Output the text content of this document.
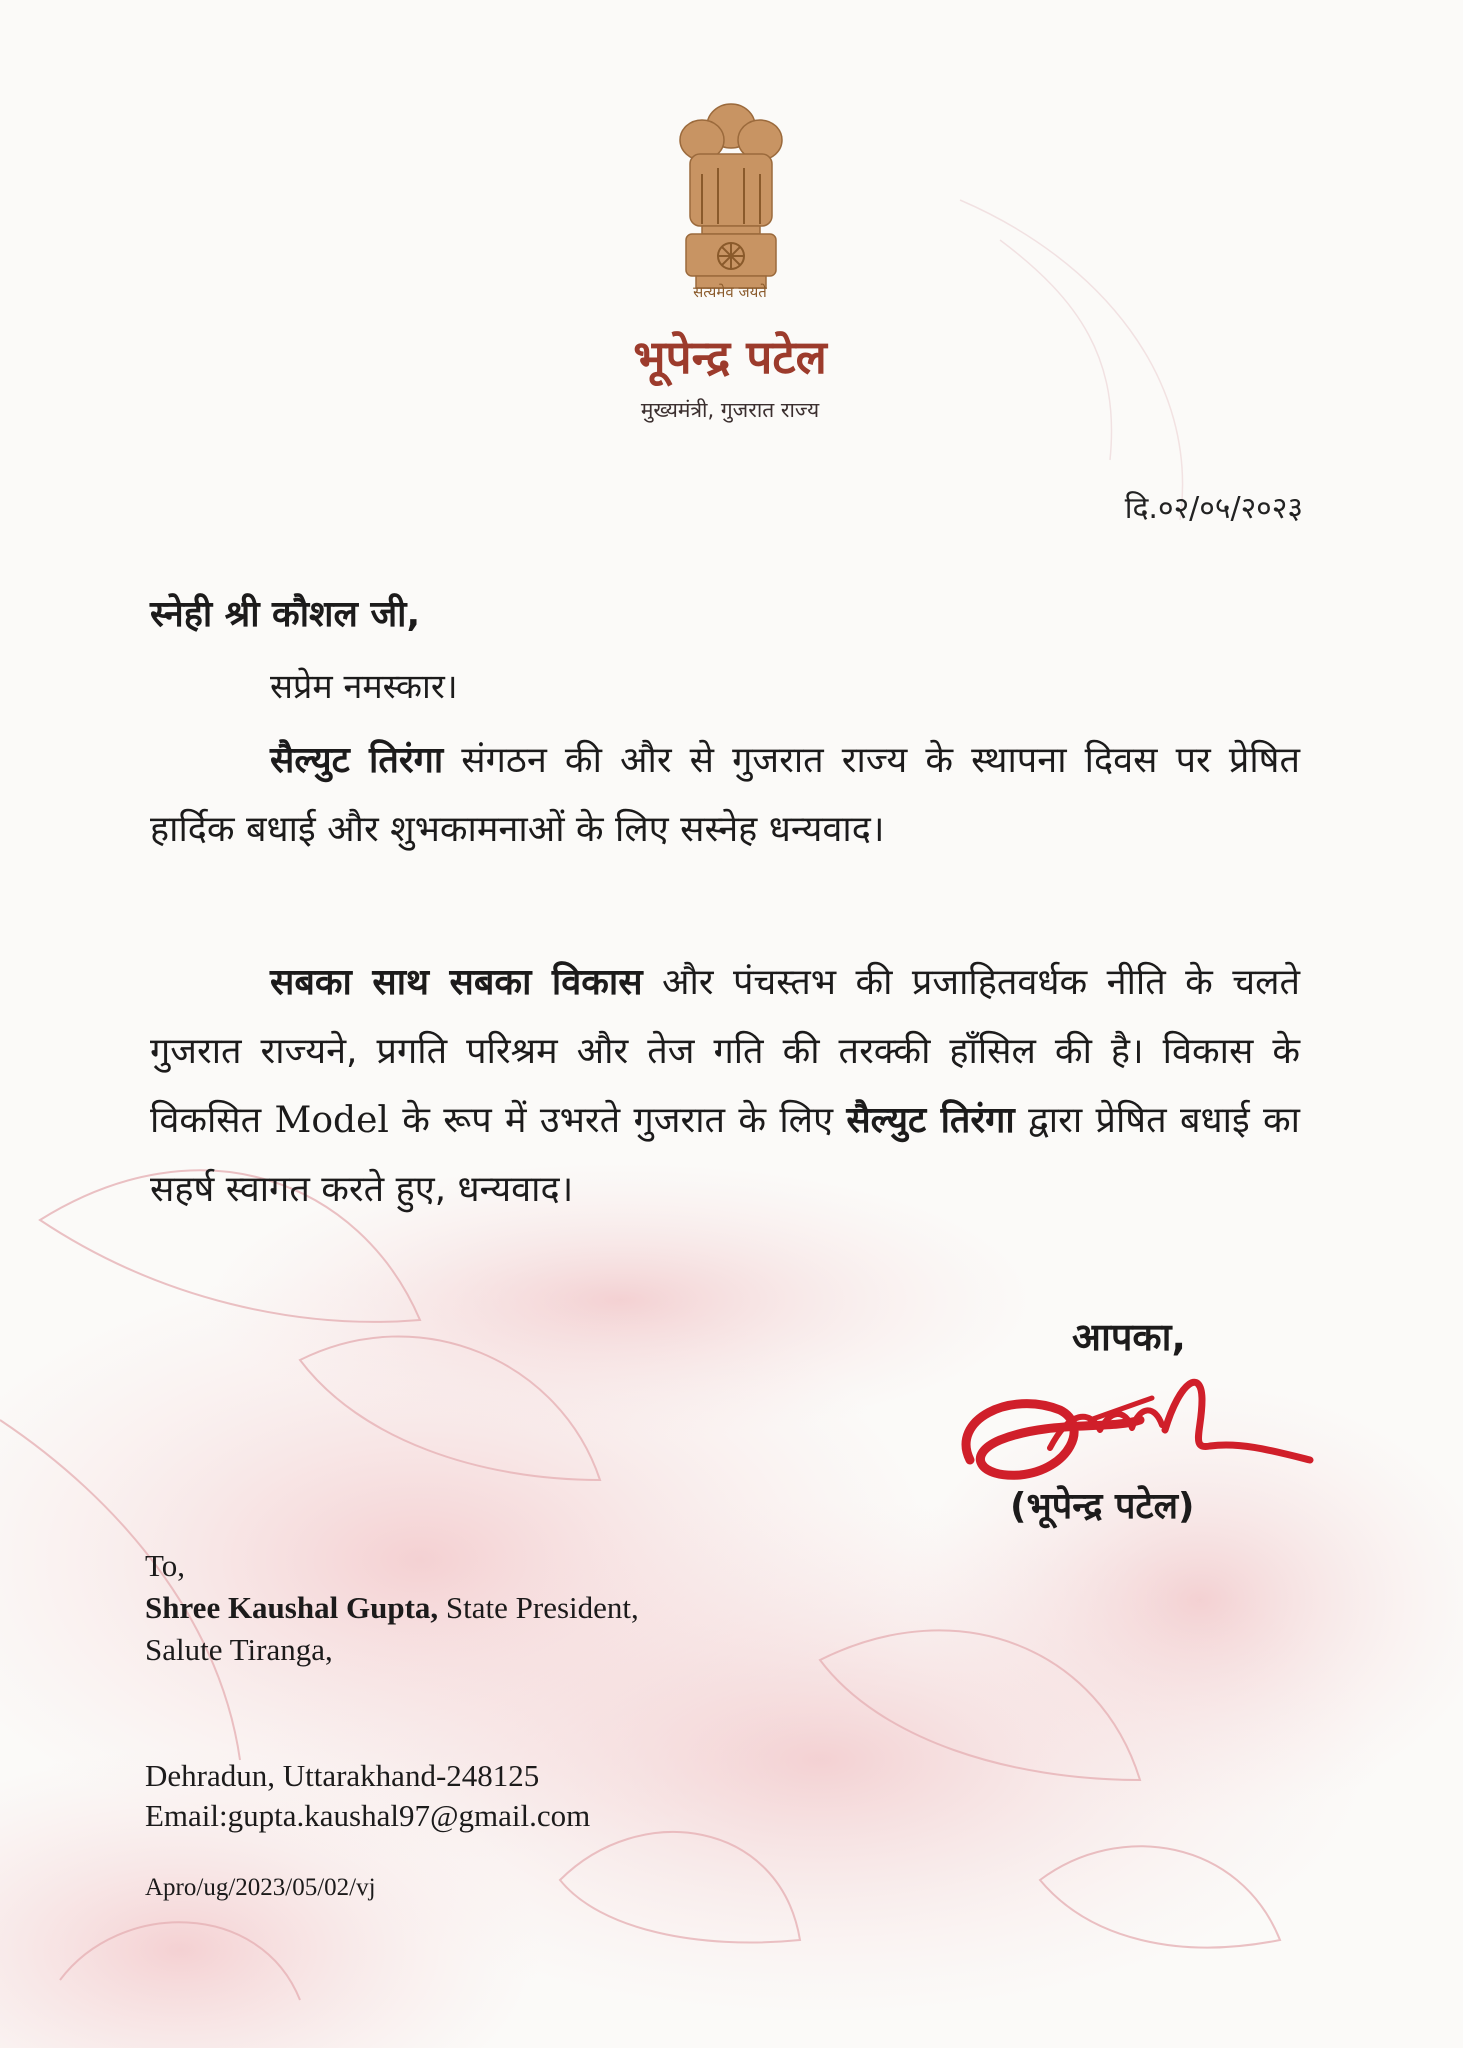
सत्यमेव जयते
भूपेन्द्र पटेल
मुख्यमंत्री, गुजरात राज्य
दि.०२/०५/२०२३
स्नेही श्री कौशल जी,
सप्रेम नमस्कार।
सैल्युट तिरंगा संगठन की और से गुजरात राज्य के स्थापना दिवस पर प्रेषित हार्दिक बधाई और शुभकामनाओं के लिए सस्नेह धन्यवाद।
सबका साथ सबका विकास और पंचस्तभ की प्रजाहितवर्धक नीति के चलते गुजरात राज्यने, प्रगति परिश्रम और तेज गति की तरक्की हाँसिल की है। विकास के विकसित Model के रूप में उभरते गुजरात के लिए सैल्युट तिरंगा द्वारा प्रेषित बधाई का सहर्ष स्वागत करते हुए, धन्यवाद।
आपका,
(भूपेन्द्र पटेल)
To,
Shree Kaushal Gupta, State President,
Salute Tiranga,
Dehradun, Uttarakhand-248125
Email:gupta.kaushal97@gmail.com
Apro/ug/2023/05/02/vj
